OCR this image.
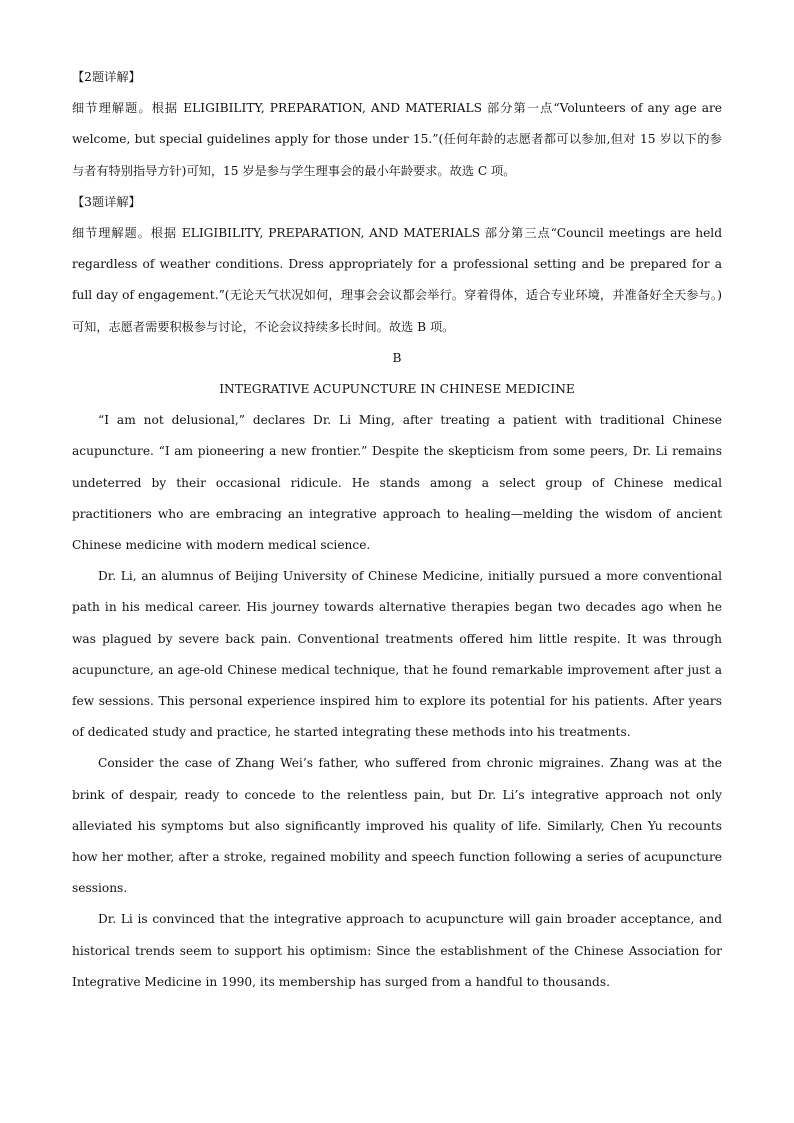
【2题详解】

细节理解题。根据 ELIGIBILITY, PREPARATION, AND MATERIALS 部分第一点“Volunteers of any age are welcome, but special guidelines apply for those under 15.”(任何年龄的志愿者都可以参加,但对 15 岁以下的参与者有特别指导方针)可知，15 岁是参与学生理事会的最小年龄要求。故选 C 项。

【3题详解】

细节理解题。根据 ELIGIBILITY, PREPARATION, AND MATERIALS 部分第三点“Council meetings are held regardless of weather conditions. Dress appropriately for a professional setting and be prepared for a full day of engagement.”(无论天气状况如何，理事会会议都会举行。穿着得体，适合专业环境，并准备好全天参与。)可知，志愿者需要积极参与讨论，不论会议持续多长时间。故选 B 项。

B

INTEGRATIVE ACUPUNCTURE IN CHINESE MEDICINE

“I am not delusional,” declares Dr. Li Ming, after treating a patient with traditional Chinese acupuncture. “I am pioneering a new frontier.” Despite the skepticism from some peers, Dr. Li remains undeterred by their occasional ridicule. He stands among a select group of Chinese medical practitioners who are embracing an integrative approach to healing—melding the wisdom of ancient Chinese medicine with modern medical science.

Dr. Li, an alumnus of Beijing University of Chinese Medicine, initially pursued a more conventional path in his medical career. His journey towards alternative therapies began two decades ago when he was plagued by severe back pain. Conventional treatments offered him little respite. It was through acupuncture, an age-old Chinese medical technique, that he found remarkable improvement after just a few sessions. This personal experience inspired him to explore its potential for his patients. After years of dedicated study and practice, he started integrating these methods into his treatments.

Consider the case of Zhang Wei’s father, who suffered from chronic migraines. Zhang was at the brink of despair, ready to concede to the relentless pain, but Dr. Li’s integrative approach not only alleviated his symptoms but also significantly improved his quality of life. Similarly, Chen Yu recounts how her mother, after a stroke, regained mobility and speech function following a series of acupuncture sessions.

Dr. Li is convinced that the integrative approach to acupuncture will gain broader acceptance, and historical trends seem to support his optimism: Since the establishment of the Chinese Association for Integrative Medicine in 1990, its membership has surged from a handful to thousands.
